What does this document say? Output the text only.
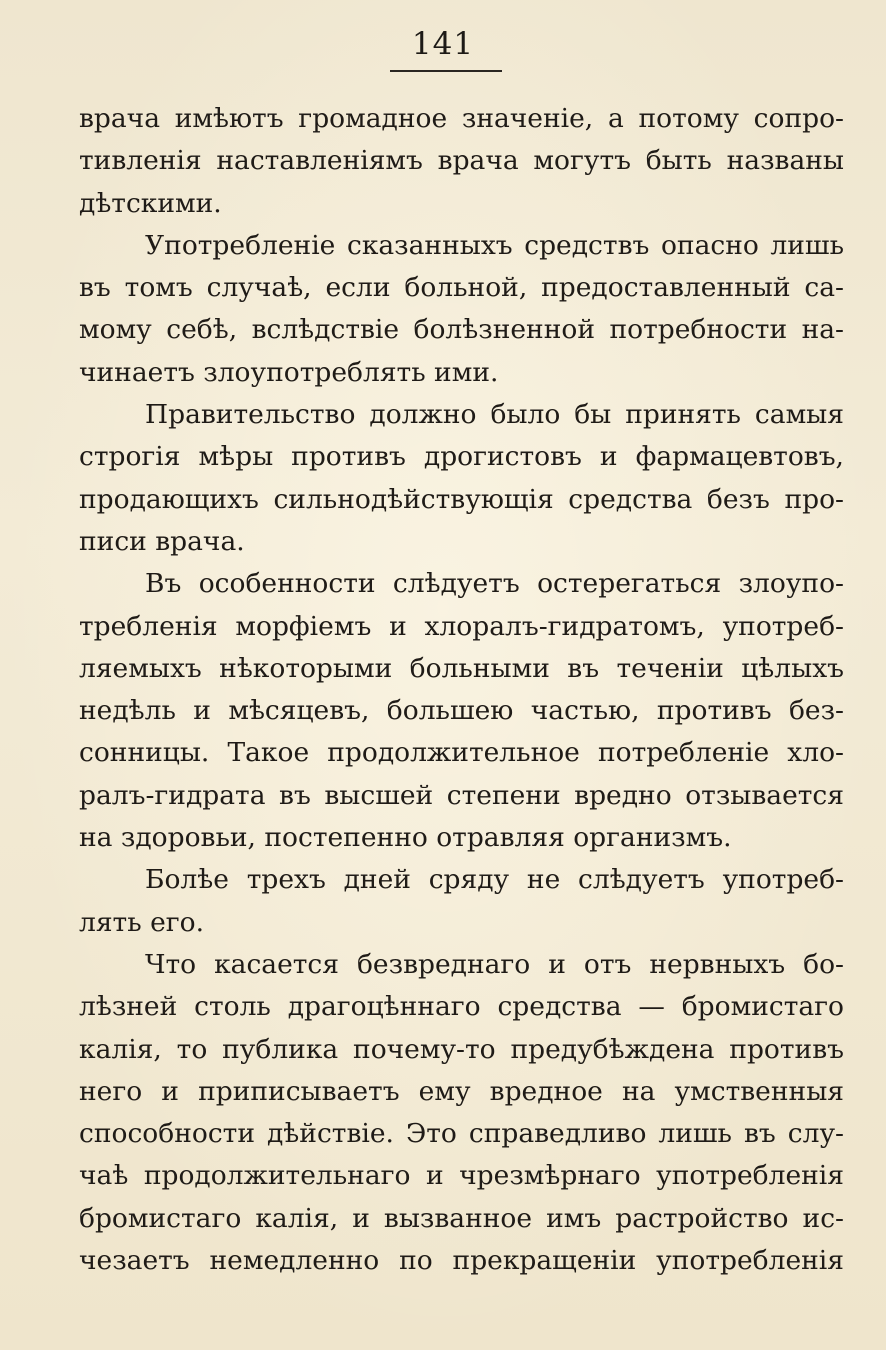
141
врача имѣютъ громадное значенiе, а потому сопро-
тивленiя наставленiямъ врача могутъ быть названы
дѣтскими.
Употребленiе сказанныхъ средствъ опасно лишь
въ томъ случаѣ, если больной, предоставленный са-
мому себѣ, вслѣдствiе болѣзненной потребности на-
чинаетъ злоупотреблять ими.
Правительство должно было бы принять самыя
строгiя мѣры противъ дрогистовъ и фармацевтовъ,
продающихъ сильнодѣйствующiя средства безъ про-
писи врача.
Въ особенности слѣдуетъ остерегаться злоупо-
требленiя морфiемъ и хлоралъ-гидратомъ, употреб-
ляемыхъ нѣкоторыми больными въ теченiи цѣлыхъ
недѣль и мѣсяцевъ, большею частью, противъ без-
сонницы. Такое продолжительное потребленiе хло-
ралъ-гидрата въ высшей степени вредно отзывается
на здоровьи, постепенно отравляя организмъ.
Болѣе трехъ дней сряду не слѣдуетъ употреб-
лять его.
Что касается безвреднаго и отъ нервныхъ бо-
лѣзней столь драгоцѣннаго средства — бромистаго
калiя, то публика почему-то предубѣждена противъ
него и приписываетъ ему вредное на умственныя
способности дѣйствiе. Это справедливо лишь въ слу-
чаѣ продолжительнаго и чрезмѣрнаго употребленiя
бромистаго калiя, и вызванное имъ растройство ис-
чезаетъ немедленно по прекращенiи употребленiя
